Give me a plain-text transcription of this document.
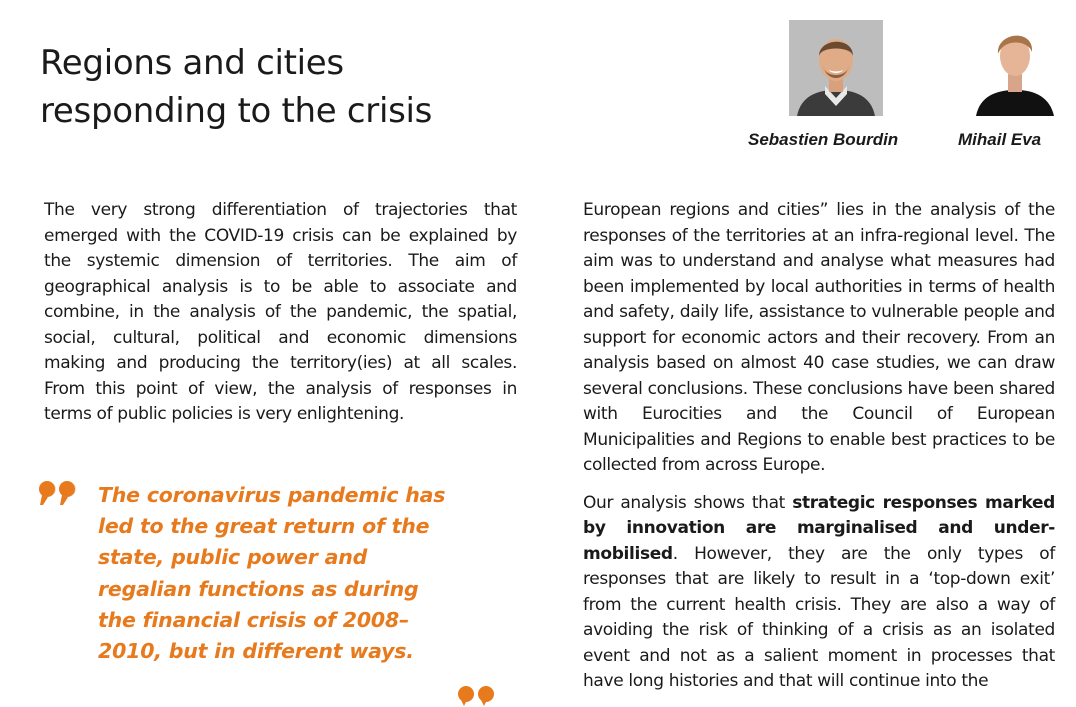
Regions and cities
responding to the crisis
Sebastien Bourdin	Mihail Eva

The very strong differentiation of trajectories that emerged with the COVID-19 crisis can be explained by the systemic dimension of territories. The aim of geographical analysis is to be able to associate and combine, in the analysis of the pandemic, the spatial, social, cultural, political and economic dimensions making and producing the territory(ies) at all scales. From this point of view, the analysis of responses in terms of public policies is very enlightening.

The coronavirus pandemic has led to the great return of the state, public power and regalian functions as during the financial crisis of 2008–2010, but in different ways.

European regions and cities” lies in the analysis of the responses of the territories at an infra-regional level. The aim was to understand and analyse what measures had been implemented by local authorities in terms of health and safety, daily life, assistance to vulnerable people and support for economic actors and their recovery. From an analysis based on almost 40 case studies, we can draw several conclusions. These conclusions have been shared with Eurocities and the Council of European Municipalities and Regions to enable best practices to be collected from across Europe.

Our analysis shows that strategic responses marked by innovation are marginalised and under-mobilised. However, they are the only types of responses that are likely to result in a ‘top-down exit’ from the current health crisis. They are also a way of avoiding the risk of thinking of a crisis as an isolated event and not as a salient moment in processes that have long histories and that will continue into the
